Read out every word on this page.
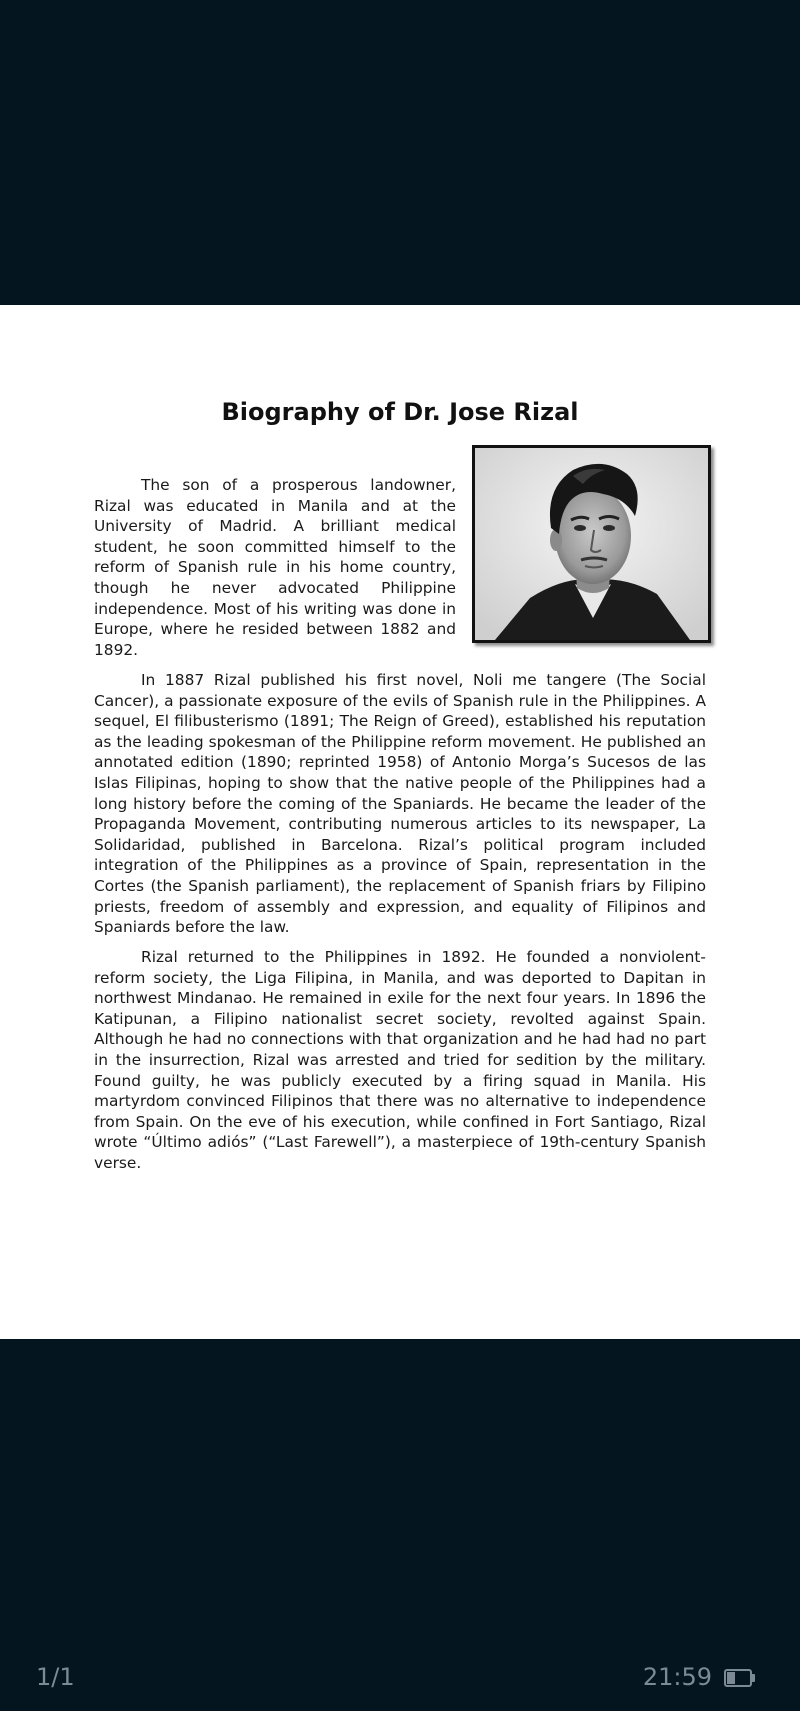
Biography of Dr. Jose Rizal

The son of a prosperous landowner, Rizal was educated in Manila and at the University of Madrid. A brilliant medical student, he soon committed himself to the reform of Spanish rule in his home country, though he never advocated Philippine independence. Most of his writing was done in Europe, where he resided between 1882 and 1892.

In 1887 Rizal published his first novel, Noli me tangere (The Social Cancer), a passionate exposure of the evils of Spanish rule in the Philippines. A sequel, El filibusterismo (1891; The Reign of Greed), established his reputation as the leading spokesman of the Philippine reform movement. He published an annotated edition (1890; reprinted 1958) of Antonio Morga’s Sucesos de las Islas Filipinas, hoping to show that the native people of the Philippines had a long history before the coming of the Spaniards. He became the leader of the Propaganda Movement, contributing numerous articles to its newspaper, La Solidaridad, published in Barcelona. Rizal’s political program included integration of the Philippines as a province of Spain, representation in the Cortes (the Spanish parliament), the replacement of Spanish friars by Filipino priests, freedom of assembly and expression, and equality of Filipinos and Spaniards before the law.

Rizal returned to the Philippines in 1892. He founded a nonviolent-reform society, the Liga Filipina, in Manila, and was deported to Dapitan in northwest Mindanao. He remained in exile for the next four years. In 1896 the Katipunan, a Filipino nationalist secret society, revolted against Spain. Although he had no connections with that organization and he had had no part in the insurrection, Rizal was arrested and tried for sedition by the military. Found guilty, he was publicly executed by a firing squad in Manila. His martyrdom convinced Filipinos that there was no alternative to independence from Spain. On the eve of his execution, while confined in Fort Santiago, Rizal wrote “Último adiós” (“Last Farewell”), a masterpiece of 19th-century Spanish verse.

1/1	21:59
